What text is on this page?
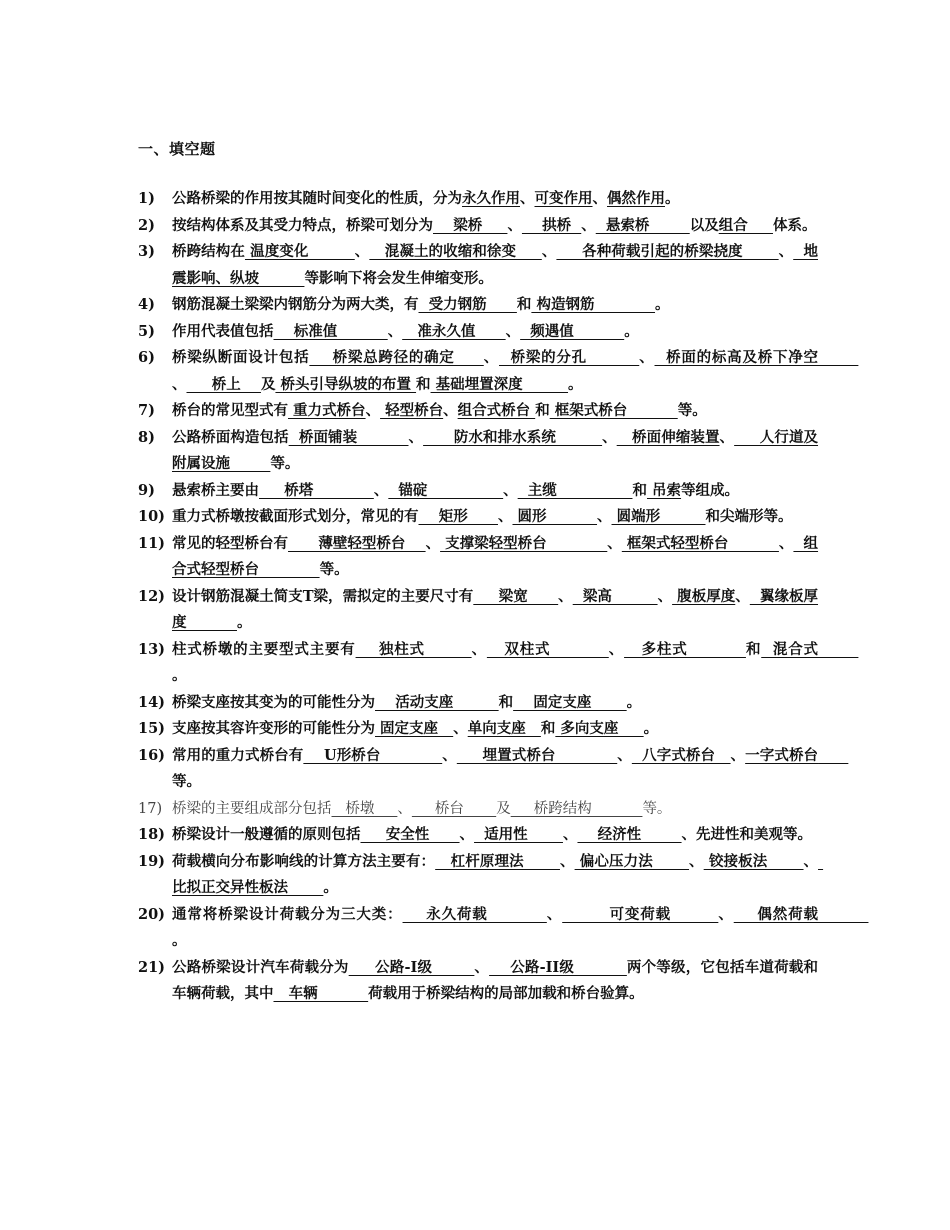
一、填空题
1)	公路桥梁的作用按其随时间变化的性质，分为永久作用、可变作用、偶然作用。
2)	按结构体系及其受力特点，桥梁可划分为    梁桥     、    拱桥  、  悬索桥        以及组合     体系。
3)	桥跨结构在 温度变化         、   混凝土的收缩和徐变     、     各种荷载引起的桥梁挠度       、  地震影响、纵坡         等影响下将会发生伸缩变形。
4)	钢筋混凝土梁梁内钢筋分为两大类，有  受力钢筋      和 构造钢筋            。
5)	作用代表值包括    标准值          、   准永久值      、  频遇值          。
6)	桥梁纵断面设计包括    桥梁总跨径的确定     、  桥梁的分孔         、  桥面的标高及桥下净空        、     桥上    及 桥头引导纵坡的布置 和 基础埋置深度         。
7)	桥台的常见型式有 重力式桥台、 轻型桥台、组合式桥台 和 框架式桥台          等。
8)	公路桥面构造包括  桥面铺装          、      防水和排水系统         、   桥面伸缩装置、     人行道及附属设施        等。
9)	悬索桥主要由     桥塔            、  锚碇               、  主缆               和 吊索等组成。
10) 重力式桥墩按截面形式划分，常见的有    矩形      、 圆形          、 圆端形         和尖端形等。
11) 常见的轻型桥台有      薄壁轻型桥台    、 支撑梁轻型桥台            、 框架式轻型桥台          、  组合式轻型桥台            等。
12) 设计钢筋混凝土简支T梁，需拟定的主要尺寸有     梁宽      、  梁高         、 腹板厚度、  翼缘板厚度          。
13) 柱式桥墩的主要型式主要有    独柱式        、   双柱式          、   多柱式          和  混合式        。
14) 桥梁支座按其变为的可能性分为    活动支座         和    固定支座       。
15) 支座按其容许变形的可能性分为 固定支座   、单向支座   和 多向支座     。
16) 常用的重力式桥台有    U形桥台            、     埋置式桥台            、  八字式桥台   、一字式桥台      等。
17) 桥梁的主要组成部分包括   桥墩     、     桥台       及     桥跨结构           等。
18) 桥梁设计一般遵循的原则包括     安全性      、  适用性       、    经济性        、先进性和美观等。
19) 荷载横向分布影响线的计算方法主要有：   杠杆原理法       、 偏心压力法       、 铰接板法       、 比拟正交异性板法       。
20) 通常将桥梁设计荷载分为三大类：    永久荷载          、        可变荷载        、    偶然荷载          。
21) 公路桥梁设计汽车荷载分为     公路-I级        、    公路-II级          两个等级，它包括车道荷载和车辆荷载，其中   车辆          荷载用于桥梁结构的局部加载和桥台验算。
